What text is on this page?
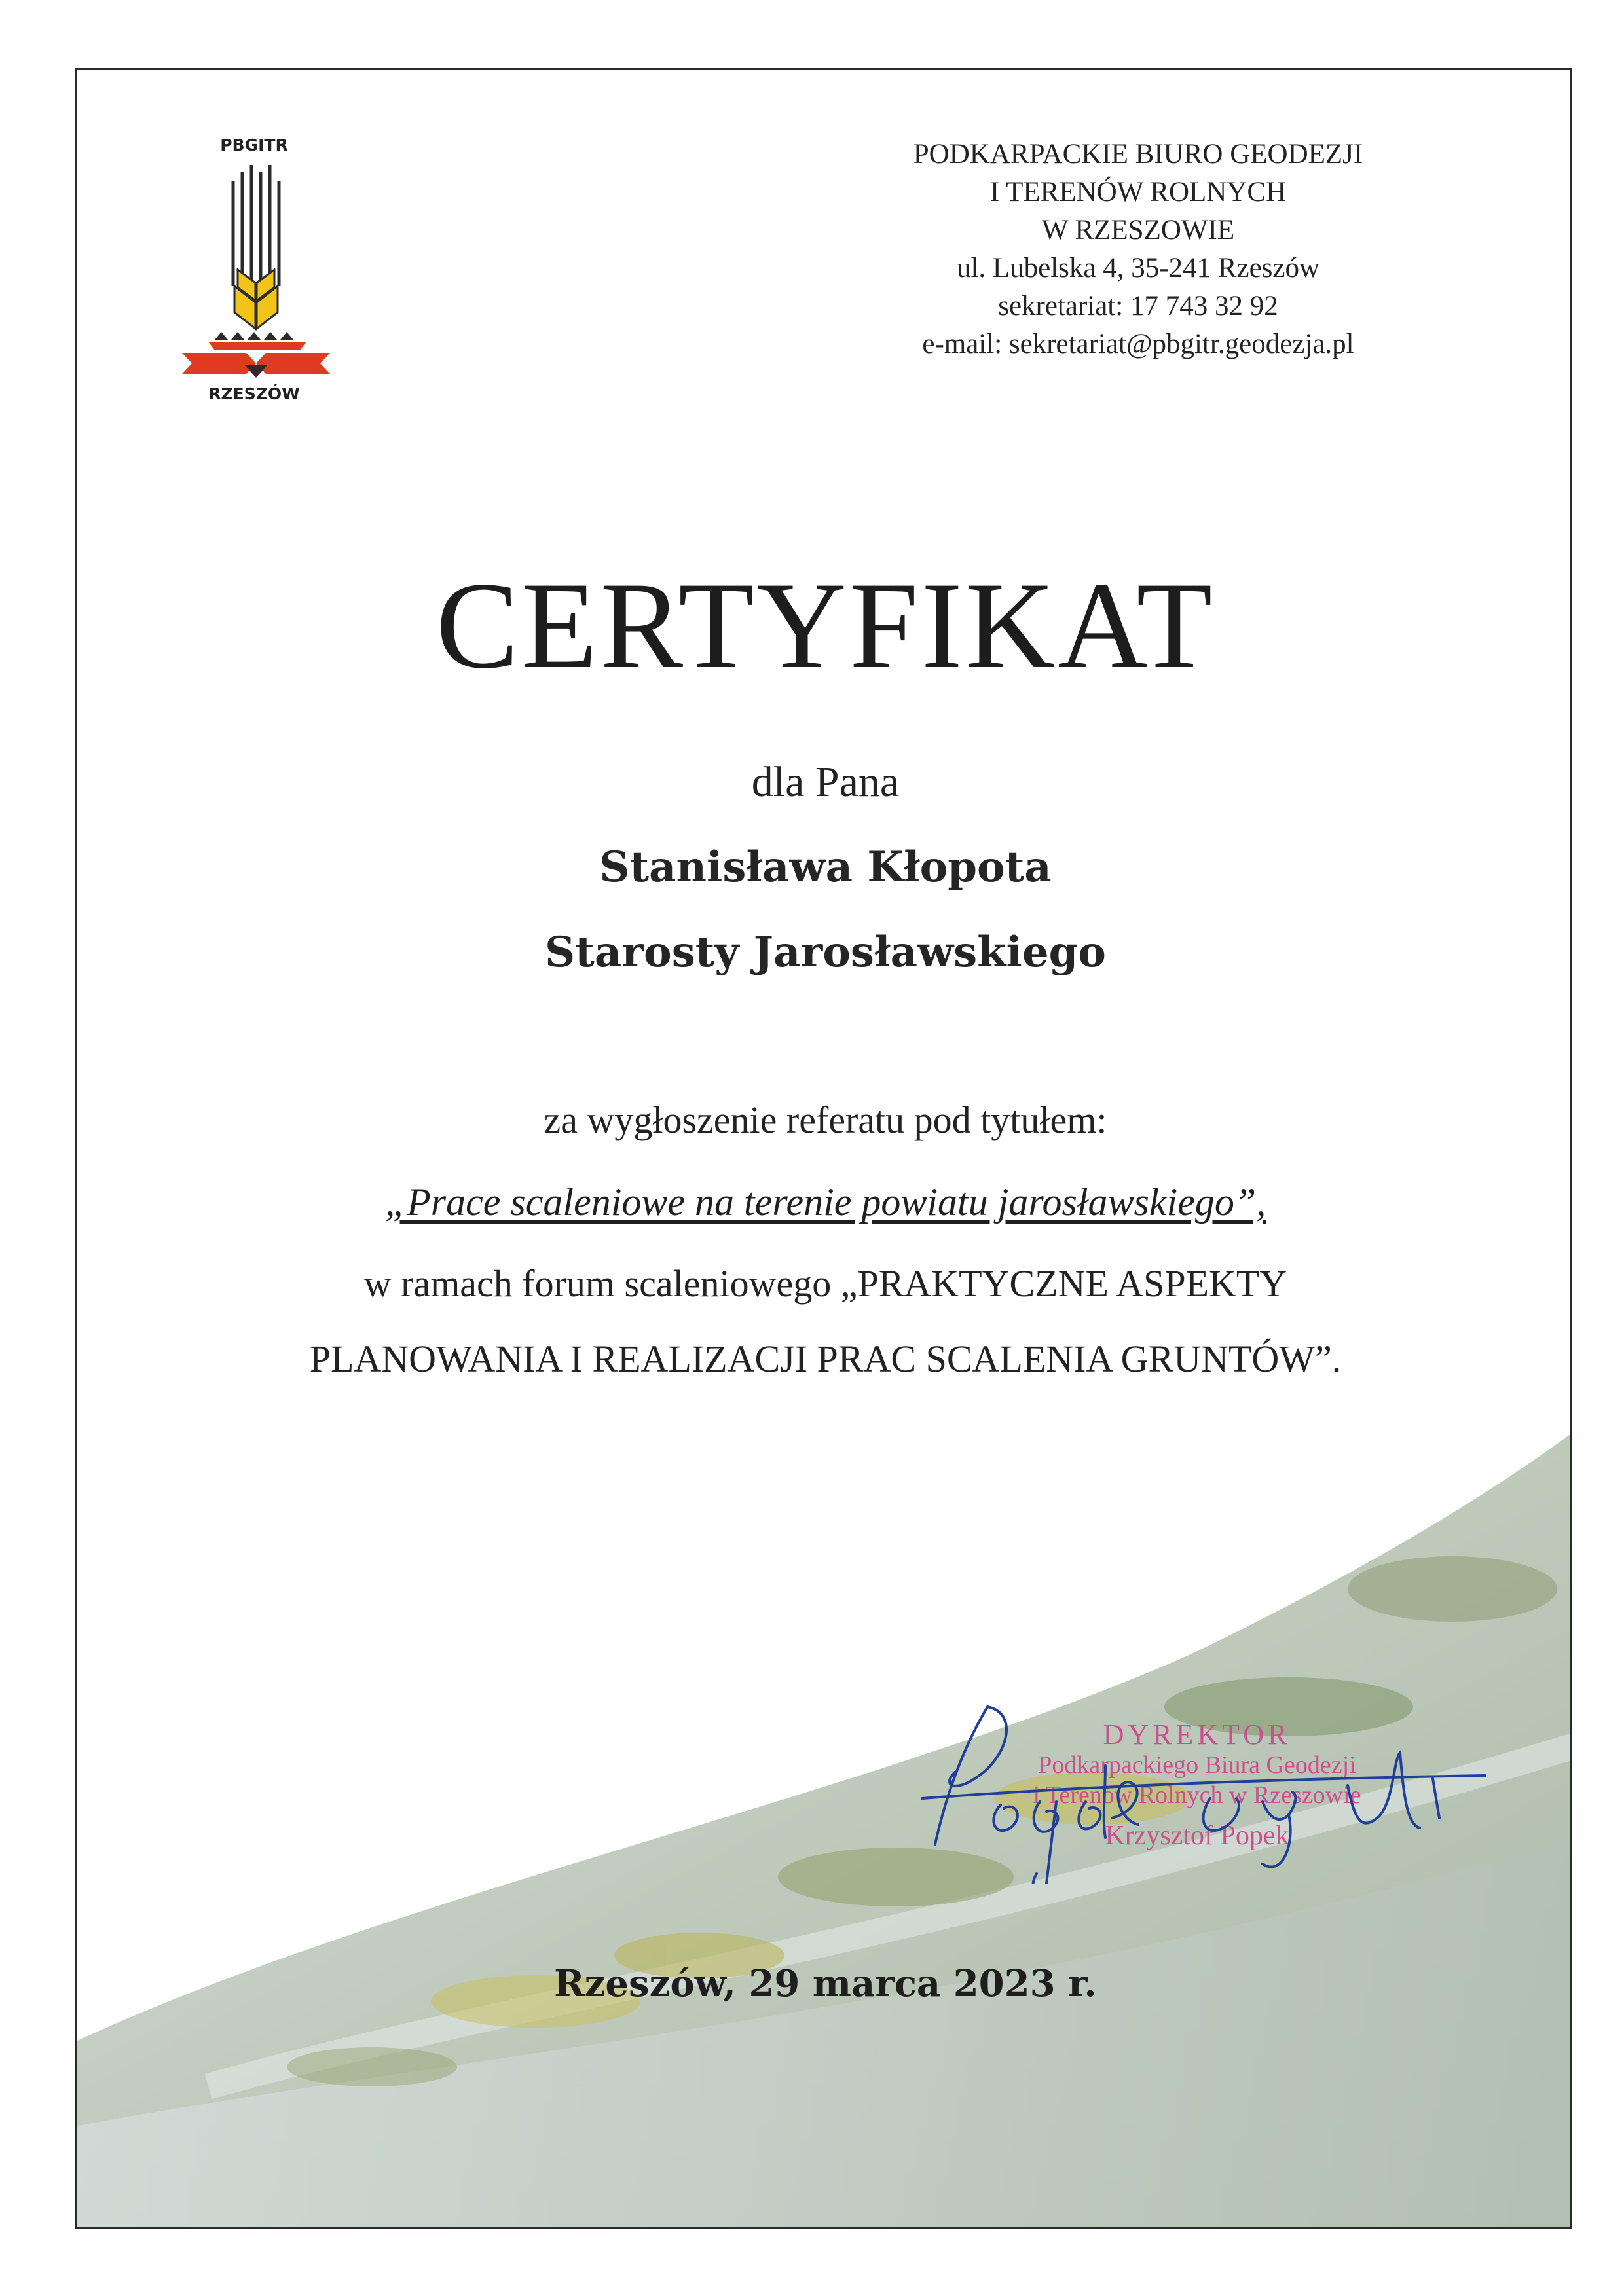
PBGITR
RZESZÓW
PODKARPACKIE BIURO GEODEZJI
I TERENÓW ROLNYCH
W RZESZOWIE
ul. Lubelska 4, 35-241 Rzeszów
sekretariat: 17 743 32 92
e-mail: sekretariat@pbgitr.geodezja.pl
CERTYFIKAT
dla Pana
Stanisława Kłopota
Starosty Jarosławskiego
za wygłoszenie referatu pod tytułem:
„Prace scaleniowe na terenie powiatu jarosławskiego”,
w ramach forum scaleniowego „PRAKTYCZNE ASPEKTY
PLANOWANIA I REALIZACJI PRAC SCALENIA GRUNTÓW”.
DYREKTOR
Podkarpackiego Biura Geodezji
i Terenów Rolnych w Rzeszowie
Krzysztof Popek
Rzeszów, 29 marca 2023 r.
